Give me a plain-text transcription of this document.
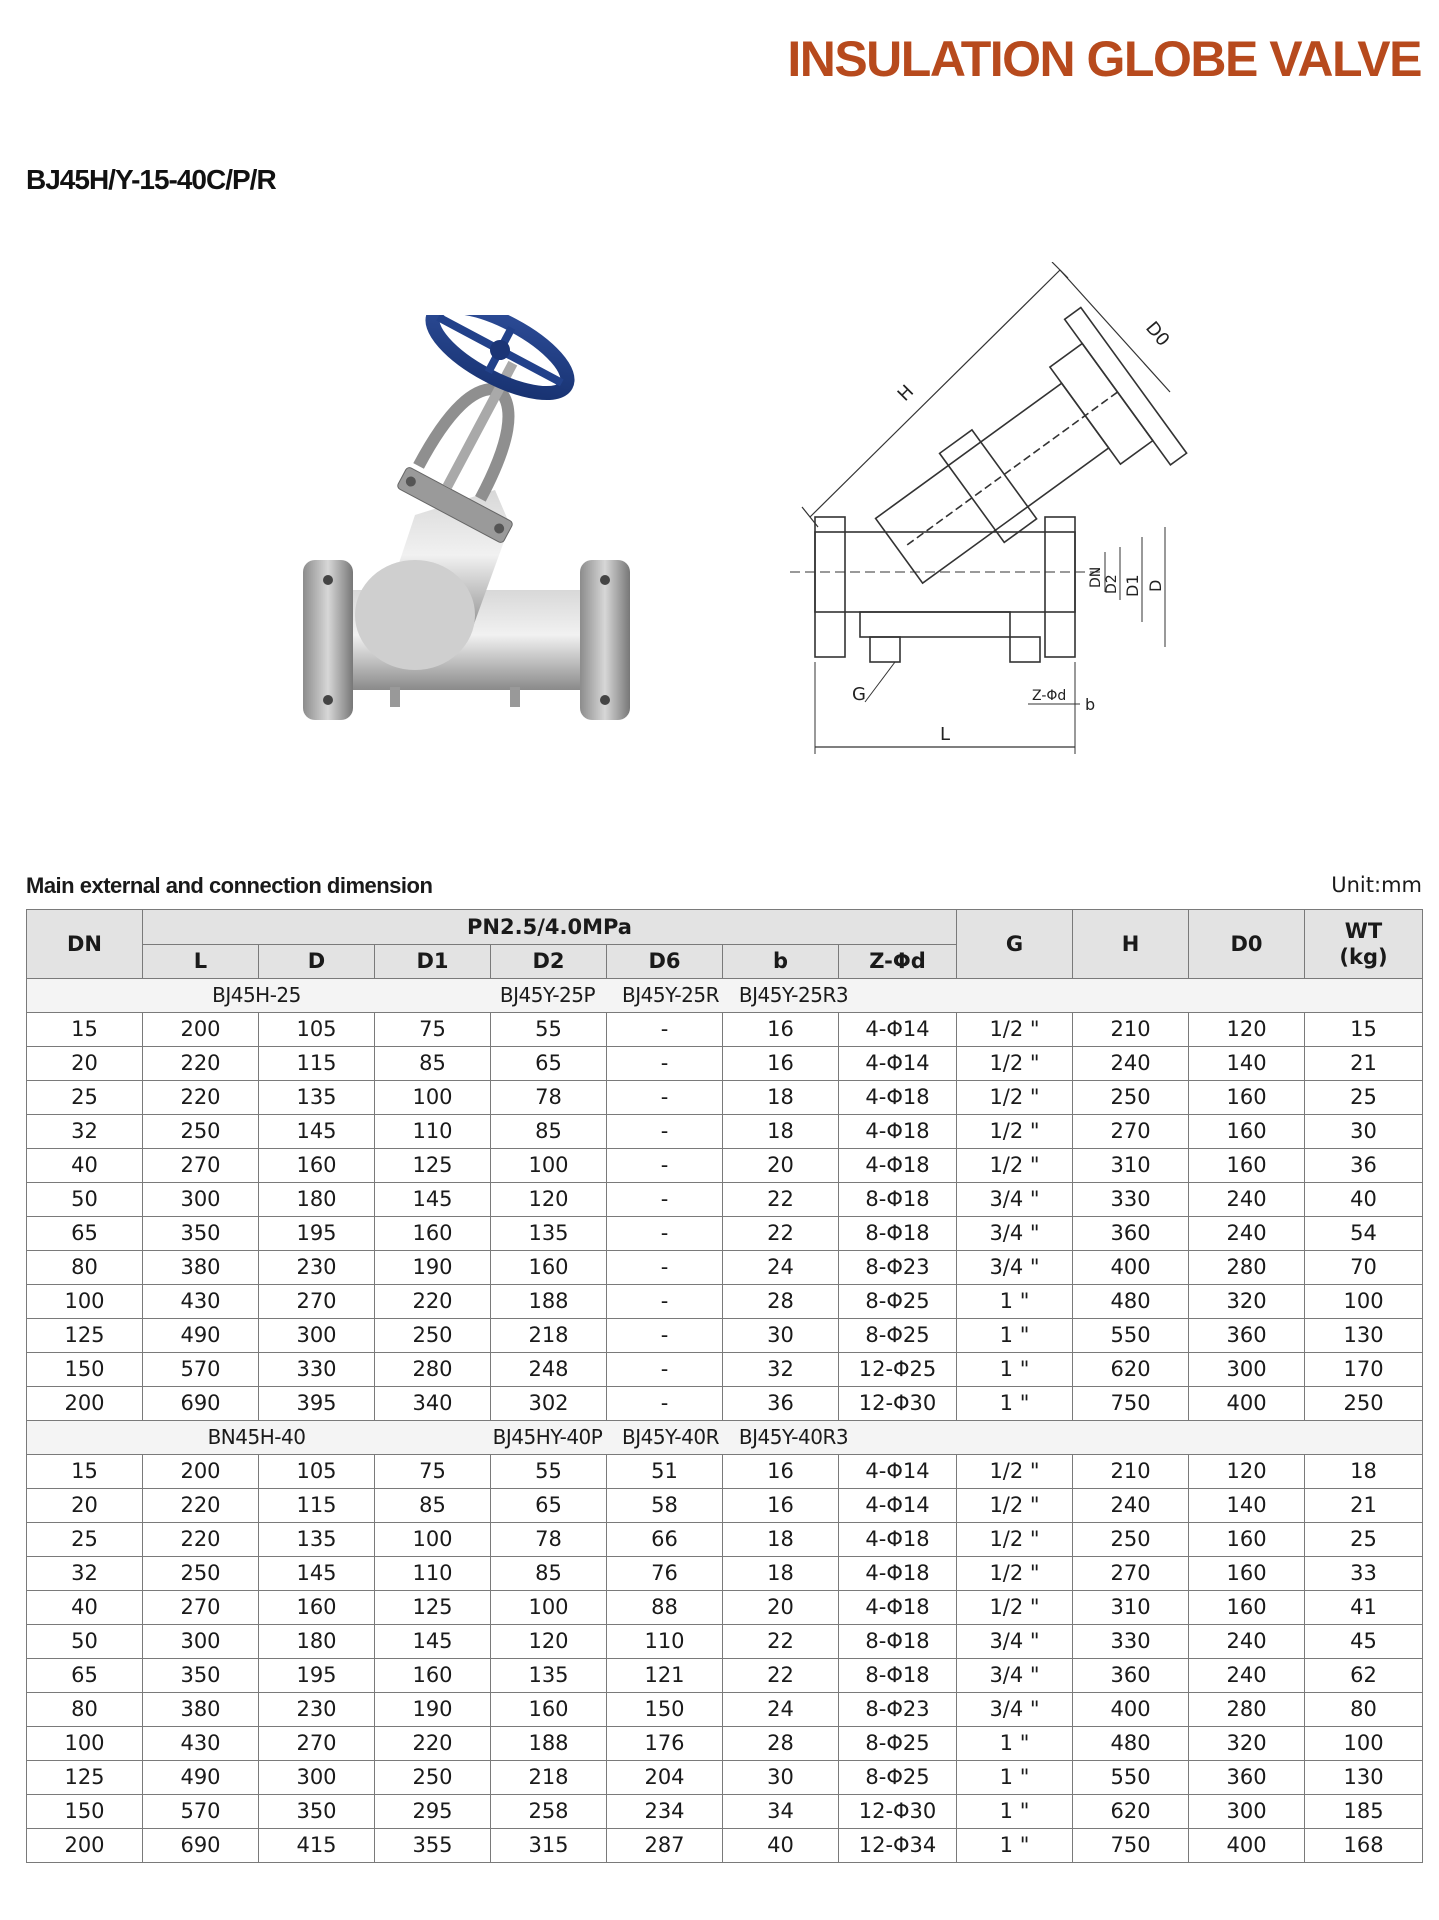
INSULATION GLOBE VALVE
BJ45H/Y-15-40C/P/R
H
D0
DN D2 D1 D
G	Z-Φd b
L
Main external and connection dimension	Unit:mm
DN	PN2.5/4.0MPa							G	H	D0	WT
(kg)
	L	D	D1	D2	D6	b	Z-Φd				
BJ45H-25 BJ45Y-25P BJ45Y-25R BJ45Y-25R3											
15	200	105	75	55	-	16	4-Φ14	1/2 "	210	120	15
20	220	115	85	65	-	16	4-Φ14	1/2 "	240	140	21
25	220	135	100	78	-	18	4-Φ18	1/2 "	250	160	25
32	250	145	110	85	-	18	4-Φ18	1/2 "	270	160	30
40	270	160	125	100	-	20	4-Φ18	1/2 "	310	160	36
50	300	180	145	120	-	22	8-Φ18	3/4 "	330	240	40
65	350	195	160	135	-	22	8-Φ18	3/4 "	360	240	54
80	380	230	190	160	-	24	8-Φ23	3/4 "	400	280	70
100	430	270	220	188	-	28	8-Φ25	1 "	480	320	100
125	490	300	250	218	-	30	8-Φ25	1 "	550	360	130
150	570	330	280	248	-	32	12-Φ25	1 "	620	300	170
200	690	395	340	302	-	36	12-Φ30	1 "	750	400	250
BN45H-40 BJ45HY-40P BJ45Y-40R BJ45Y-40R3											
15	200	105	75	55	51	16	4-Φ14	1/2 "	210	120	18
20	220	115	85	65	58	16	4-Φ14	1/2 "	240	140	21
25	220	135	100	78	66	18	4-Φ18	1/2 "	250	160	25
32	250	145	110	85	76	18	4-Φ18	1/2 "	270	160	33
40	270	160	125	100	88	20	4-Φ18	1/2 "	310	160	41
50	300	180	145	120	110	22	8-Φ18	3/4 "	330	240	45
65	350	195	160	135	121	22	8-Φ18	3/4 "	360	240	62
80	380	230	190	160	150	24	8-Φ23	3/4 "	400	280	80
100	430	270	220	188	176	28	8-Φ25	1 "	480	320	100
125	490	300	250	218	204	30	8-Φ25	1 "	550	360	130
150	570	350	295	258	234	34	12-Φ30	1 "	620	300	185
200	690	415	355	315	287	40	12-Φ34	1 "	750	400	168
